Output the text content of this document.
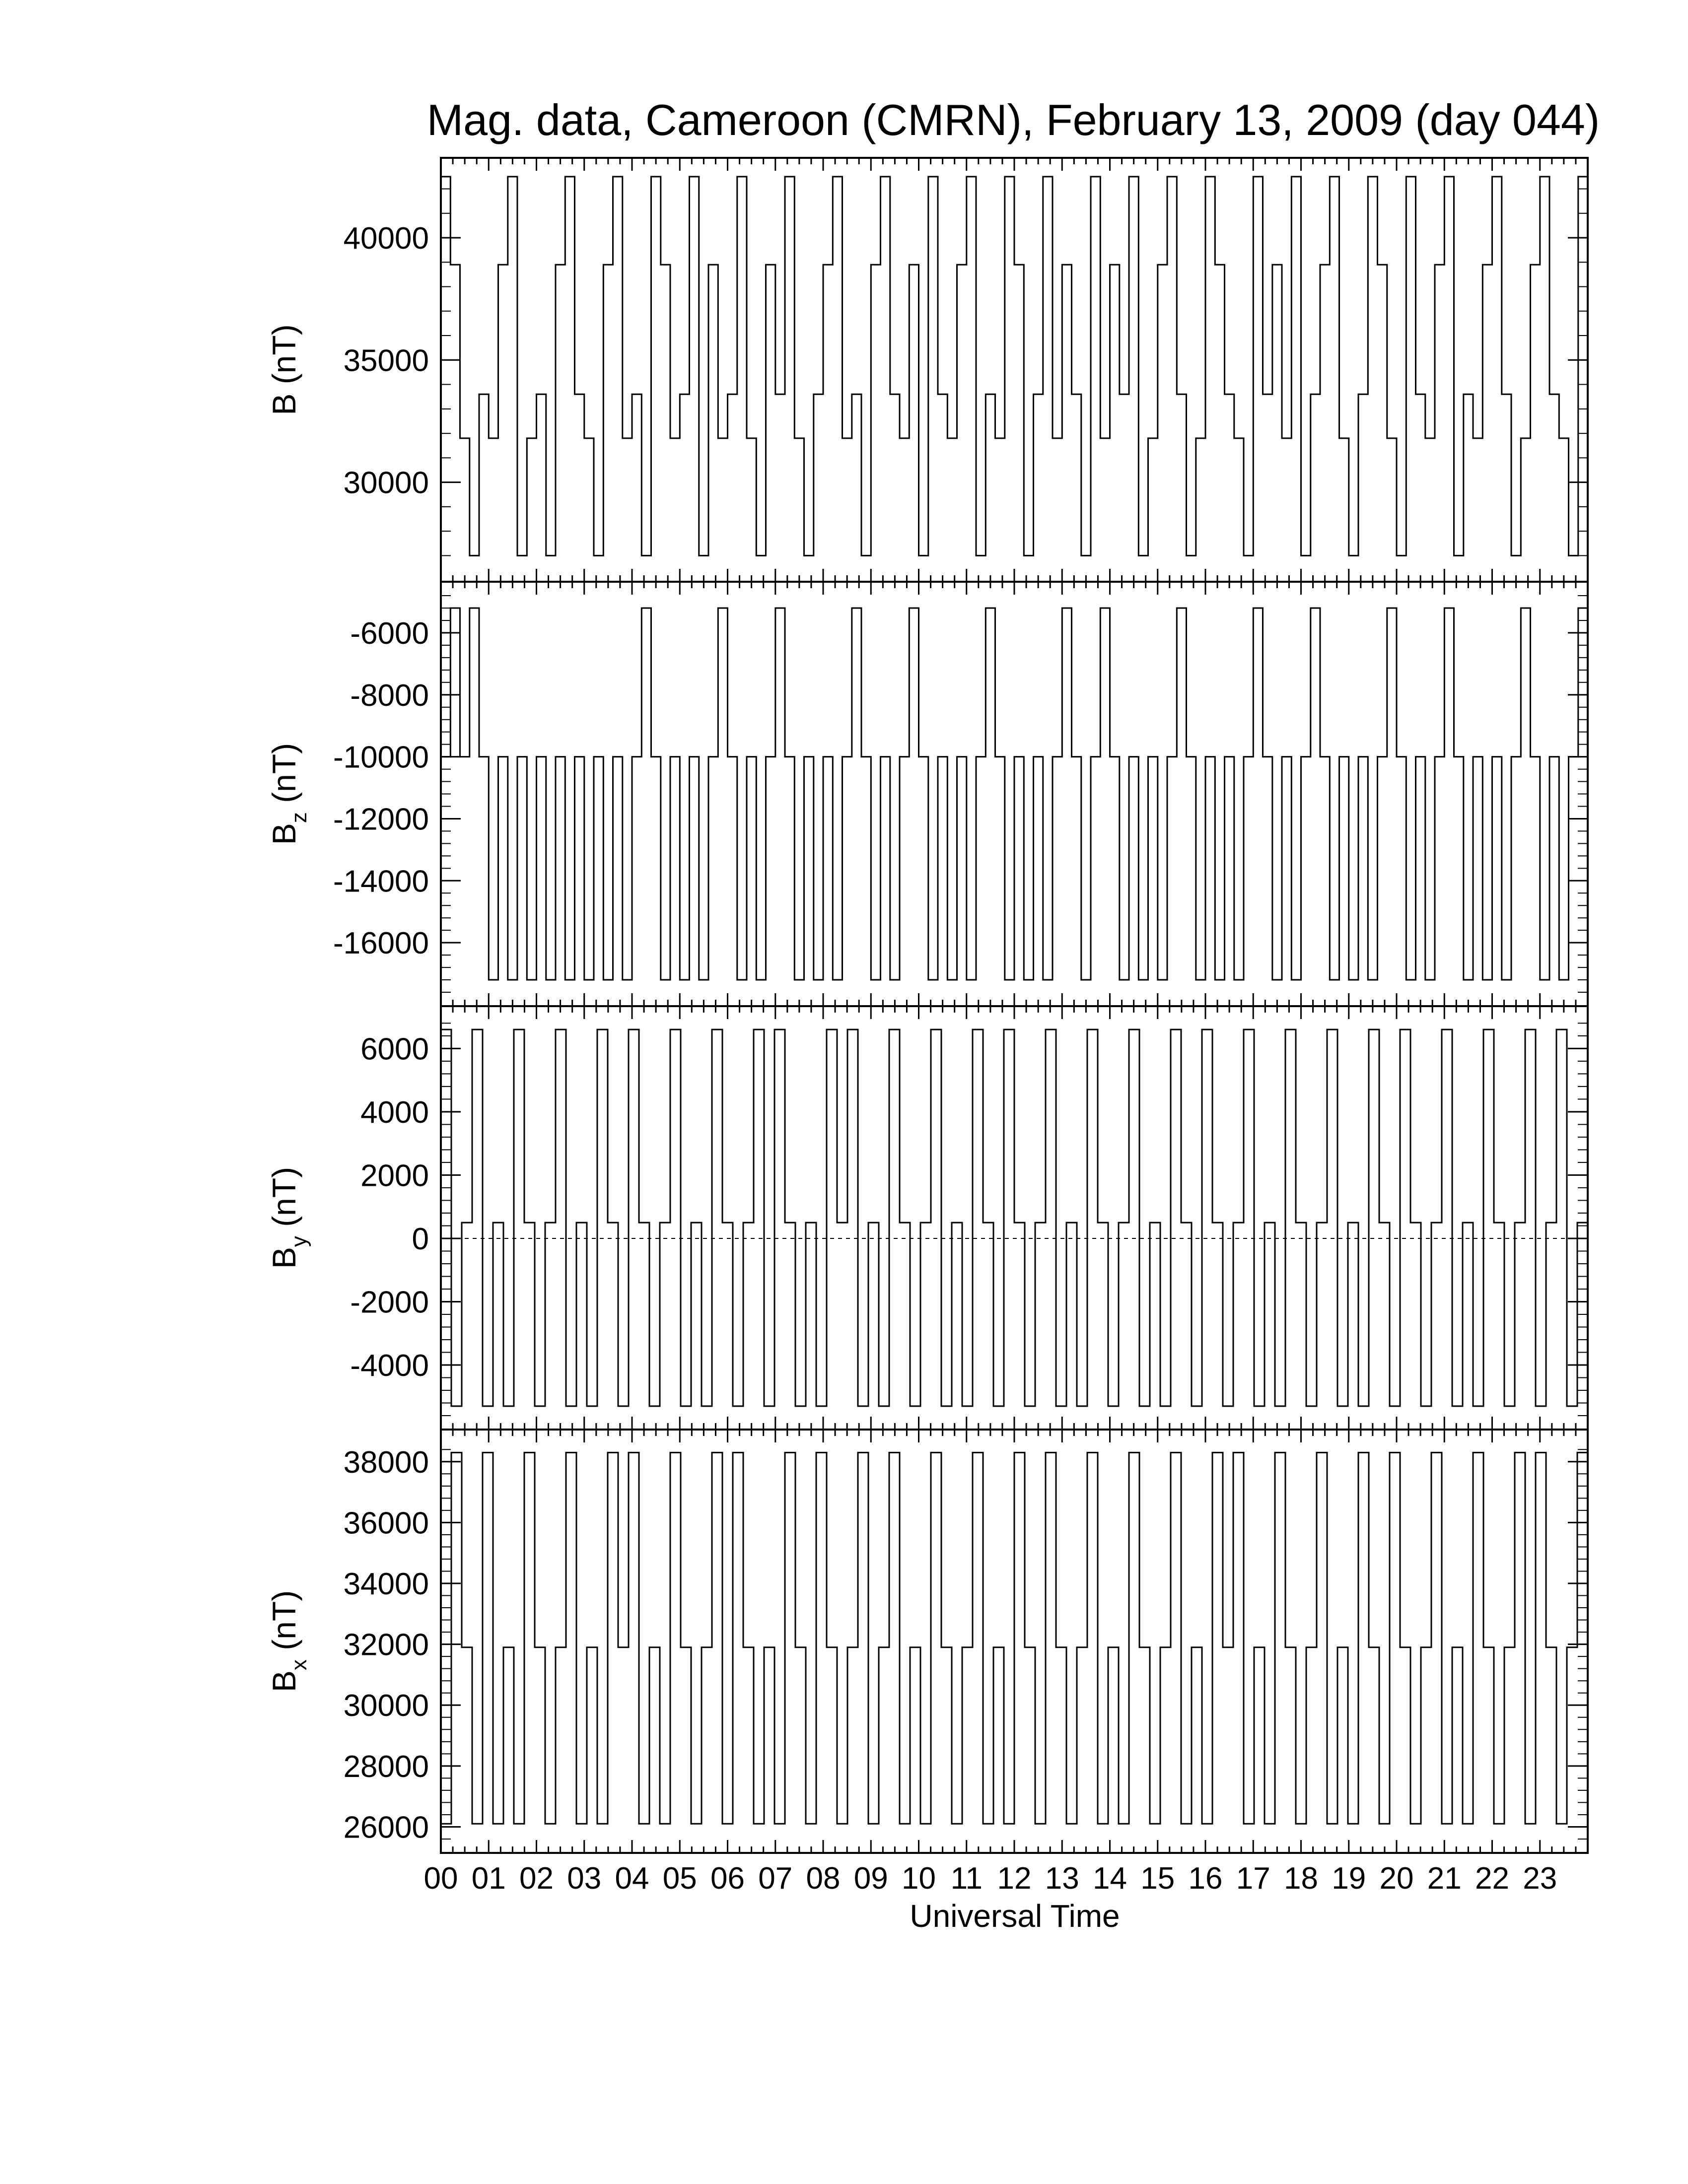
Mag. data, Cameroon (CMRN), February 13, 2009 (day 044)
30000
35000
40000
B (nT)
-16000
-14000
-12000
-10000
-8000
-6000
$B_z$ (nT)
-4000
-2000
0
2000
4000
6000
$B_y$ (nT)
26000
28000
30000
32000
34000
36000
38000
$B_x$ (nT)
00 01 02 03 04 05 06 07 08 09 10 11 12 13 14 15 16 17 18 19 20 21 22 23
Universal Time
